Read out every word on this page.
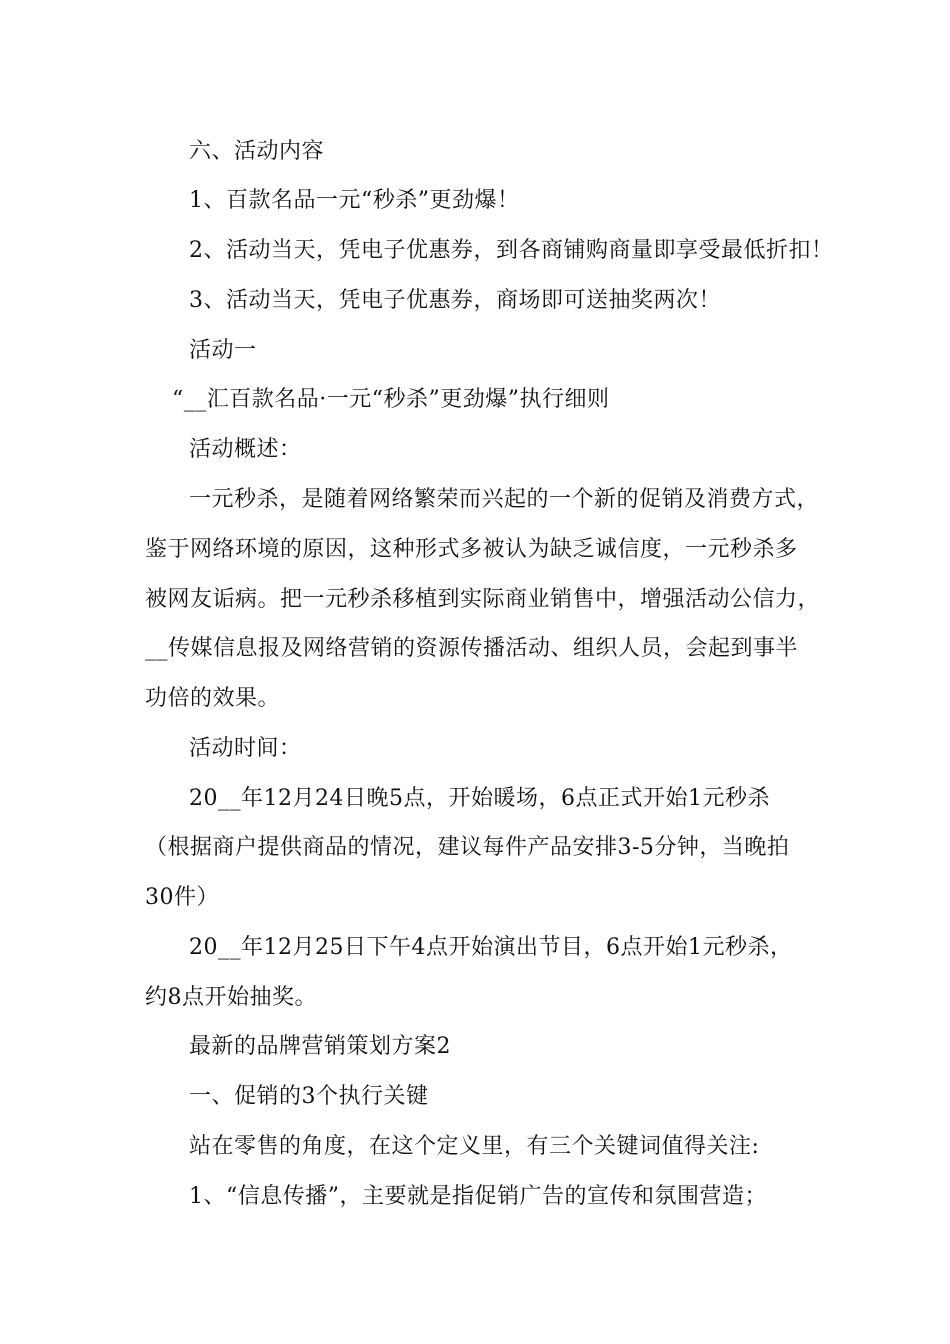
六、活动内容
1、百款名品一元“秒杀”更劲爆！
2、活动当天，凭电子优惠券，到各商铺购商量即享受最低折扣！
3、活动当天，凭电子优惠券，商场即可送抽奖两次！
活动一
“__汇百款名品·一元“秒杀”更劲爆”执行细则
活动概述：
一元秒杀，是随着网络繁荣而兴起的一个新的促销及消费方式，
鉴于网络环境的原因，这种形式多被认为缺乏诚信度，一元秒杀多
被网友诟病。把一元秒杀移植到实际商业销售中，增强活动公信力，
__传媒信息报及网络营销的资源传播活动、组织人员，会起到事半
功倍的效果。
活动时间：
20__年12月24日晚5点，开始暖场，6点正式开始1元秒杀
（根据商户提供商品的情况，建议每件产品安排3-5分钟，当晚拍
30件）
20__年12月25日下午4点开始演出节目，6点开始1元秒杀，
约8点开始抽奖。
最新的品牌营销策划方案2
一、促销的3个执行关键
站在零售的角度，在这个定义里，有三个关键词值得关注:
1、“信息传播”，主要就是指促销广告的宣传和氛围营造；
